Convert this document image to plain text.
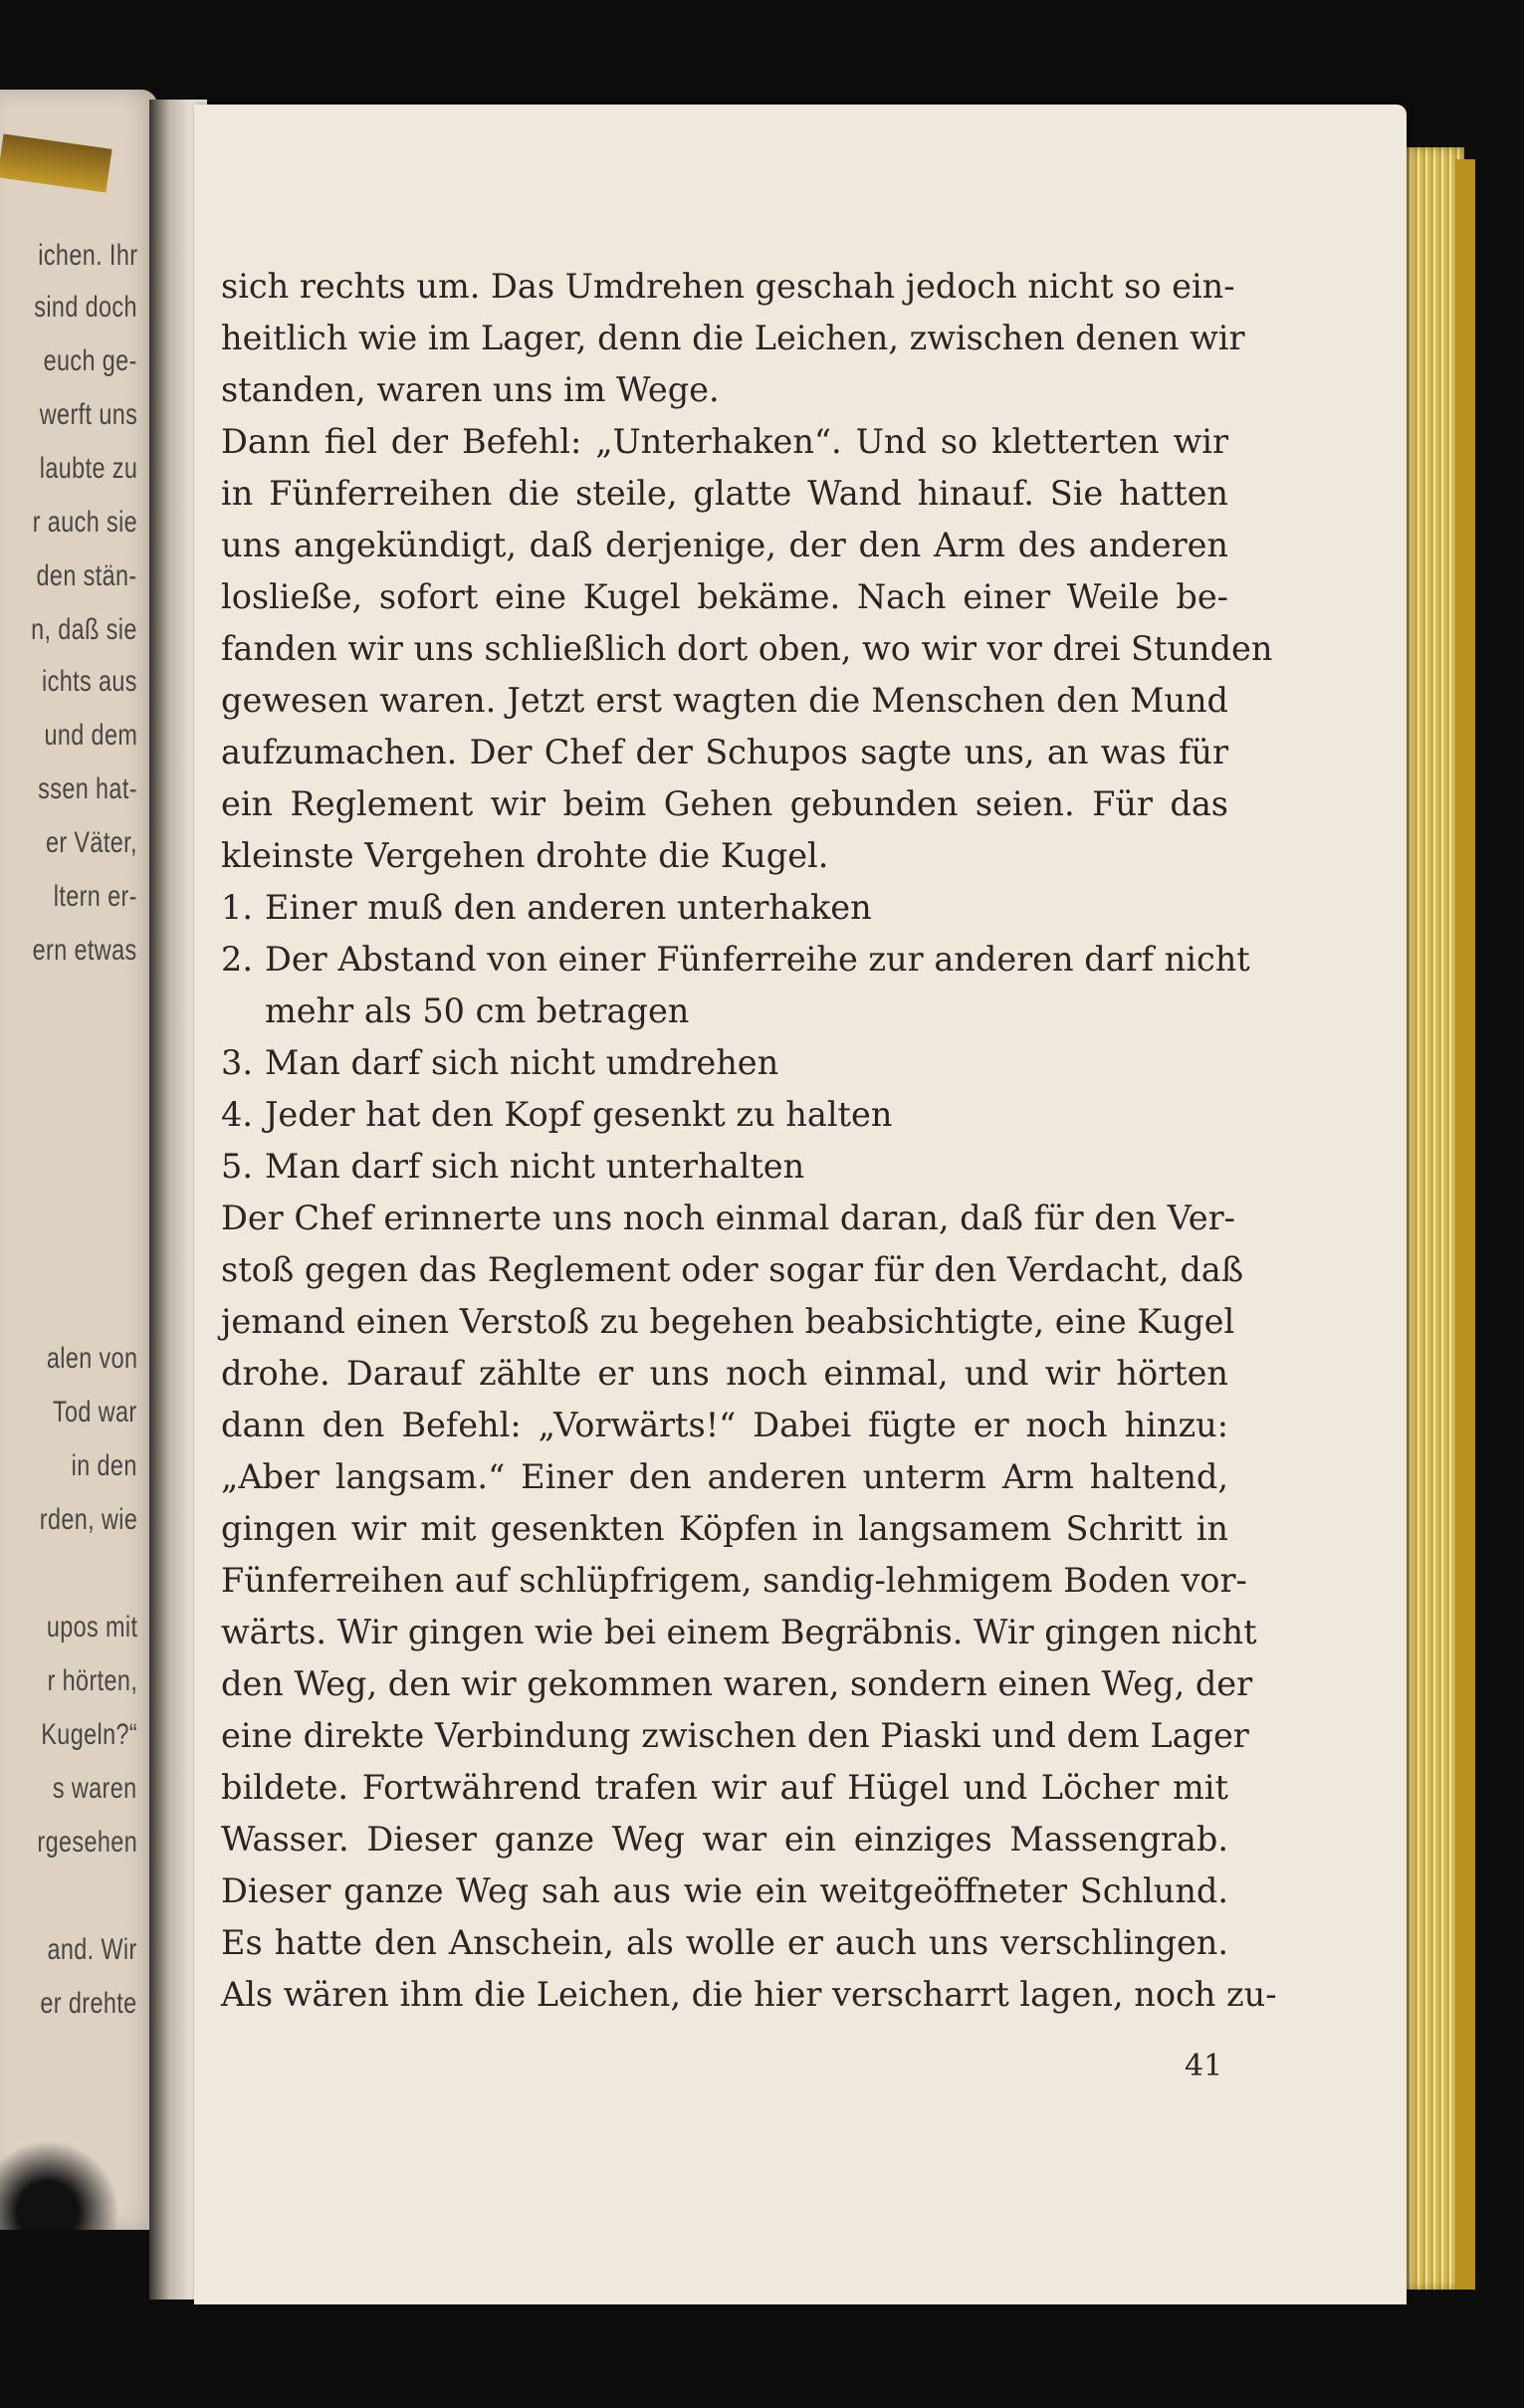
ichen. Ihr
sind doch
euch ge-
werft uns
laubte zu
r auch sie
den stän-
n, daß sie
ichts aus
und dem
ssen hat-
er Väter,
ltern er-
ern etwas
alen von
Tod war
in den
rden, wie
upos mit
r hörten,
Kugeln?“
s waren
rgesehen
and. Wir
er drehte
sich rechts um. Das Umdrehen geschah jedoch nicht so ein-
heitlich wie im Lager, denn die Leichen, zwischen denen wir
standen, waren uns im Wege.
Dann fiel der Befehl: „Unterhaken“. Und so kletterten wir
in Fünferreihen die steile, glatte Wand hinauf. Sie hatten
uns angekündigt, daß derjenige, der den Arm des anderen
losließe, sofort eine Kugel bekäme. Nach einer Weile be-
fanden wir uns schließlich dort oben, wo wir vor drei Stunden
gewesen waren. Jetzt erst wagten die Menschen den Mund
aufzumachen. Der Chef der Schupos sagte uns, an was für
ein Reglement wir beim Gehen gebunden seien. Für das
kleinste Vergehen drohte die Kugel.
1. Einer muß den anderen unterhaken
2. Der Abstand von einer Fünferreihe zur anderen darf nicht
mehr als 50 cm betragen
3. Man darf sich nicht umdrehen
4. Jeder hat den Kopf gesenkt zu halten
5. Man darf sich nicht unterhalten
Der Chef erinnerte uns noch einmal daran, daß für den Ver-
stoß gegen das Reglement oder sogar für den Verdacht, daß
jemand einen Verstoß zu begehen beabsichtigte, eine Kugel
drohe. Darauf zählte er uns noch einmal, und wir hörten
dann den Befehl: „Vorwärts!“ Dabei fügte er noch hinzu:
„Aber langsam.“ Einer den anderen unterm Arm haltend,
gingen wir mit gesenkten Köpfen in langsamem Schritt in
Fünferreihen auf schlüpfrigem, sandig-lehmigem Boden vor-
wärts. Wir gingen wie bei einem Begräbnis. Wir gingen nicht
den Weg, den wir gekommen waren, sondern einen Weg, der
eine direkte Verbindung zwischen den Piaski und dem Lager
bildete. Fortwährend trafen wir auf Hügel und Löcher mit
Wasser. Dieser ganze Weg war ein einziges Massengrab.
Dieser ganze Weg sah aus wie ein weitgeöffneter Schlund.
Es hatte den Anschein, als wolle er auch uns verschlingen.
Als wären ihm die Leichen, die hier verscharrt lagen, noch zu-
41
